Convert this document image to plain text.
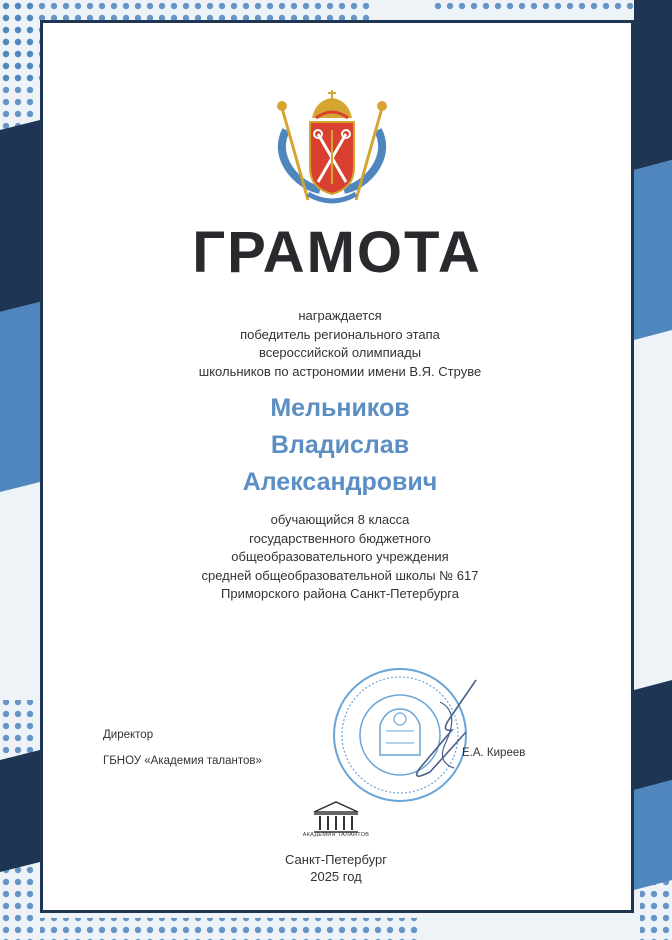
ГРАМОТА
награждается
победитель регионального этапа
всероссийской олимпиады
школьников по астрономии имени В.Я. Струве
Мельников
Владислав
Александрович
обучающийся 8 класса
государственного бюджетного
общеобразовательного учреждения
средней общеобразовательной школы № 617
Приморского района Санкт-Петербурга
Директор
ГБНОУ «Академия талантов»
Е.А. Киреев
АКАДЕМИЯ ТАЛАНТОВ
Санкт-Петербург
2025 год
